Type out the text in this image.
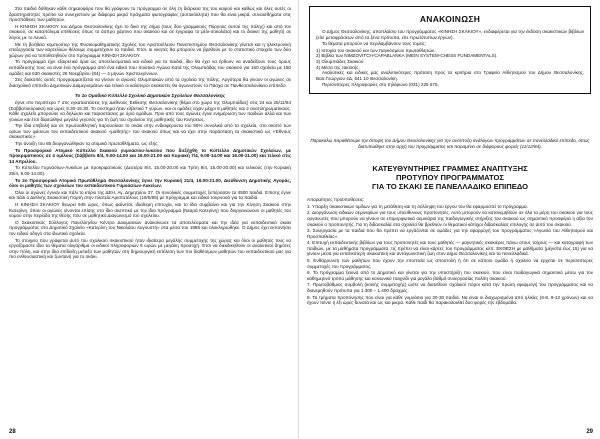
Στα παιδιά δόθηκαν κάθε σημαιοφόρο που θα γράφουν το πρόγραμμα σε όλη τη διάρκεια της του καιρού και καθώς και όλες αυτές οι δραστηριότητες πρέπει να συνεχιστούν με διάφορα μικρά πράγματα φωτογραφίες (αυτοκόλλητα) που θα είναι μικρά, συναισθήματα στις προσπάθειες των μαθητών.

Η ΚΙΝΗΣΗ ΣΚΑΚΙΟΥ του Δήμου Θεσσαλονίκης έχει το δικό της σήμα (τους δύο γραμμικούς Πύργους αυτού της πόλης) και από τον σκακιού, σε καταπόλεμα επιθέσεις όπως το άσπρο χάρτινο που σκακιού και σε έγγραφα το μέλι-σοκολάτα) και το διοικεί της μαθητή σε λόγος με το Λευκό.

Με τη βοήθεια κομπιούτερ της Φυσικομαθηματικής Σχολής του Αριστοτέλειου Πανεπιστημίου Θεσσαλονίκης γίνεται και η ηλεκτρονική επεξεργασία των καρτελλών θέλουμε συμμετέχουν τα παιδιά. Έτσι, οι νικητές θα μπορούν να βρεθούν με το στατιστικό στοιχείο των δύο χώρων για να τοποθετηθούν στο πρόγραμμα ΚΙΝΗΣΗ ΣΚΑΚΙΟΥ.

Το πρόγραμμα έχει εξαιρετικά όρια ως αποτελεσματικά και ειδικά για τα παιδιά, ίδιο θα έχει να έρθουν να αναδείξουν τους όρους εκπαίδευσης τους να είναι ένα πρόγραμμα από ένα ειδικό που ποιοτικό Αγώνα Κατά της Ολυμπιάδας του σκακιού για 150 σχολεία με 150 ομάδες και 630 σκακιστές 25 Νοεμβρίου (84) — 4 μηνών Χριστουγέννων.

Στις διακοπές αυτές προγραμματίζεται να γίνουν οι αγώνες Ολυμπιακών από τα σχολεία της πόλης. Αργότερα θα γίνουν οι αγώνες σε διασχολικό επίπεδο Δημοτικών Διαμερισμάτων και τελικό οι καλύτεροι σκακιστές θα αγωνιστούν το Πάσχα σε Πανθεσσαλονίκειο επίπεδο.

Το 1ο Ομαδικό Κύπελλο Σχολικό Δημοτικών Σχολείων Θεσσαλονίκης

έγινε στο περιπτερο 7 στις εγκαταστάσεις της Διεθνούς Έκθεσης Θεσσαλονίκης (θέμα στο χώρο της Ολυμπιάδας) στις 24 και 25/11/84 (Σαββατοκύριακο) και ώρες 9.30-15.30. Το σύστημα ήταν ελβετικό 7 γύρων, και οι ομάδες είχαν μέχρι 8 μαθητές και 2 αναπληρωματικούς. Κάθε σχολείο μπορούσε να δηλώσει και παραστάσεις με όριο ομάδων. Πριν από τους αγώνες έγινε ενημέρωση των παιδιών αλλά και των γονιών και έτσι διασώθηκε μεγάλο γεγονός για τη ζωή του σχολείου της μαθητικής του Κινήσεως.

Την ίδια επιβολή και σε πρωτοαθλητική παρουσίασε το σκάκι στην ενδιαφέροντα του 50% συνολικά από τα σχολεία, στο σκοπό των ορίων των φάσεων του εκπαιδευτικού σκακιού «μαθητής» του σκακιού όπως και να έχει στην παράσταση τα σκακιστικά ως «Έθνους σκακιστικός».

Την άνοιξη του 85 διοργανώθηκαν τα ατομικά πρωταθλήματα, ως εξής:

Το Προσφορικό Ατομικό Κύπελλο Σκακιού γυμνασίου-λυκείου που διεξήχθη το Κύπελλο Δημοτικών Σχολείων, με προκριματικούς σε 4 ομίλους (Σάββατο 8/4, 9.00-14.00 και 16.00-21.00 και Κυριακή 7/4, 9.00-14.00 και 16.00-21.00) και τελικό στις 14 Απριλίου.

Το Κύπελλο Γυμνασίων-Λυκείων με προκριματικούς (Δευτέρα 8/4, 15.00-20.00 και Τρίτη 9/4, 15.00-20.00) και τελικούς (την Κυριακή 28/4, 9.00-14.00).

Το 2ο Προσφορικό Ατομικό Πρωτάθλημα Θεσσαλονίκης έγινε την Κυριακή 21/4, 16.00-21.00, Διεύθυνση Δημοτικής Αγοράς, όλοι οι μαθητές των σχολείων του εκπαιδευτικού Γυμνασίων-Λυκείων.

Όλοι οι αγώνες έγιναν και πάλι το κτίριο της ΔΕΗ, Αγ. Δημητρίου 37. Οι συνολικές συμμετοχές ξεπέρασαν τα 4500 παιδιά. Επίσης έγινε και πάλι ο Διεθνής Σκακιστική Γιορτή στην πλατεία Αριστοτέλους (18/5/85) με πρόγραμμα και ειδικό τουρνουά για τα παιδιά.

Η ΚΙΝΗΣΗ ΣΚΑΚΙΟΥ θεωρεί 945 ώρες, όπως φαίνεται, ιδιαίτερη επιτυχία, και το ίδιο συμβαίνει και για την Κίνηση Σκακιού στην Κατερίνη, όπου οι αγώνες γίνονται επίσης στο ίδιο σκεπτικό με την ίδια πρόγραμμα (Νεαρά Κατερίνη) που διοργανώνουν οι μαθητές του νομού στην περίοδο της θέσης που σε μαθητικό Διαγωνισμό του σχολείου.

Ο Σκακιστικός Σύλλογος Πανελληνίου Κέντρο Δοκιμασιών ανακοίνωσε τα αποτελέσματα και την ιδέα για εκπαιδευτικό σκακι προγράμματος στο Δημοτικό Σχολείο «Κατερίνη του Νικολάου Αυγουστή» στα μέσα του 1985 και ολοκληρώθηκε. Ο Δήμος έχει εκπονήσει τον ειδικό οδηγό στα ιδιωτικά σχολεία.

Το στοιχείο που γράφεται αυτό του σχολικού σκακιστικού ήταν ιδιαίτερα μεγάλης συμμετοχής της χώρας και όλοι οι μαθητές τους να εργαζόμαστε ίδια τα θέματα ολιγάριθμα οι ειδικοί πληροφοριών 5 ωρών με μεγάλη προσοχή. Έτσι να διεκδικηθούν οι αναλυτικοί δημότες στην πόλη, και στην ίδια επίδειξη μεταξύ των μαθητών στη δημιουργική εκτέλεση των πιο διαθέσιμων μαθητών του εκπαιδευτικού μας για πιο ενθουσιαστική και ζωντανή για το σκάκι.

28
ΑΝΑΚΟΙΝΩΣΗ

Ο Δήμος Θεσσαλονίκης, αποπλαίσιο του προγράμματος «ΚΙΝΗΣΗ ΣΚΑΚΙΟΥ», ενδιαφέρεται για την έκδοση σκακιστικών βιβλίων (είτε μεταφράσεων από τα ξένα πρότυπα, είτε πρωτότυπων έργων).

Τα θέματα μπορούν να περιλαμβάνουν τους τομείς:

1) Ιστορία του σκακιού και των παγκόσμιων πρωταθλητών.

2) Βιβλία των NIMZOVITCH-CAPABLANKA (MEIN SYSTEM-CHESS FUNDAMENTALS).

3) Ολυμπιάδες Σκακιού.

4) Μέσα της τακτικής.

Αναλυτικές και ειδικές μας αναλυτικότερες πρόταση προς τα κριτήρια στο Γραφείο Αθλητισμού του Δήμου Θεσσαλονίκης, Βασ.Γεώργιου 4Δ, 541 10 Θεσσαλονίκη.

Περισσότερες πληροφορίες στο τηλέφωνο (031) 225 575.

Παρακαλώ παραθέτουμε την άποψη του Δήμου Θεσσαλονίκης για την ανάπτυξη ανάλογων προγραμμάτων σε πανελλαδικό επίπεδο, όπως διατυπώθηκε στην αρχή του προγράμματος και παραμένει σε διάφορους φορείς (11/12/84).

ΚΑΤΕΥΘΥΝΤΗΡΙΕΣ ΓΡΑΜΜΕΣ ΑΝΑΠΤΥΞΗΣ

ΠΡΟΤΥΠΟΥ ΠΡΟΓΡΑΜΜΑΤΟΣ

ΓΙΑ ΤΟ ΣΚΑΚΙ ΣΕ ΠΑΝΕΛΛΑΔΙΚΟ ΕΠΙΠΕΔΟ

Απαραίτητες προϋποθέσεις:

1. Υπαρξη σκακιστικών ομίλων για τη μετάθεση και τη σύλληψη του έργου του θα εφαρμοστεί το πρόγραμμα.

2. Διοργάνωση ειδικών σεμιναρίων για τους υπεύθυνους προπονητές. Αυτό μπορούν να κατανεμηθούν σε όλα τα μέρη του σκακιού για τους οργανωτές που μπορούν να γίνουν σε επιμορφωτικά σεμινάρια της παιδαγωγικής στήριξης του σκακιού ως σημαντικό προσφέρει η αξία του σκακιού ο προπονητής. Για τη διδασκαλία στα σχολεία θα βρεθούν οι θεματικοί κάτοχοι διδασκαλίας επιλογής σε αυτό του σκακιού.

3. Συνεργασία με τα παιδιά που θα πρέπει να εργάζονται σε ομάδες για την εφαρμογή του προγράμματος «Αγωνία του Αθλητισμού και Προσπαθείας».

4. Επιτυχή εκπαιδευτικής βιβλίων για τους προπονητές και τους μαθητές — μαγνητικές σκακιέρες πάνω στους τοίχους — και καταγραφή των παιδιών, με τα μαθήματα προγράμματα, τις πρέπει να είναι κάρτες του προγράμματος κλπ. ΕΚΘΕΣΗ με μαθήματα (μέγιστα έως 15) για να γίνουν μέσα για εντατικότερη σκακιστική και ανταγωνιστική ζωή στον Δήμο Θεσσαλονίκης και τα πανελλαδικά.

5. Ενθάρρυνση των μαθητών που έχουν την εποπτεία ως αποστολή ή ότι σε κάποιο ομάδα ή σχολείο να έρχεται σε περισσότερες συμμετοχές του προγράμματος.

6. Το πρόγραμμα ξεκινά από το Δημοτικό και γίνεται για την υποστήριξη του σκακιού, που είναι παιδαγωγικά σημαντικό μέσω για τον καθημερινό τρόπο μάθησης και κοινωνικό παιχνίδι για μεγάλο βαθμό συνεργασίας πολίτη σκακιού.

7. Πρωτοβάθμιος συμβολή (κοινής συμμετοχής) ώστε να διατεθούν σχολικοί πόροι κατά την πρώτη εφαρμογή του προγράμματος και να διανεμηθούν πρότυπα για 1.300 – 1.400 δραχμές.

8. Τα τμήματα προπόνησης που είναι για κάθε γυμνάσιο για 20-30 παιδιά. Να είναι οι διαχωρισμένα από ηλικίες (6-8, 9-12 χρόνων) και να έχουν πέντε ή έξι ώρες δυνατά και ως και μικρά. Κάθε παιδί θα παρακολουθεί δυο φορές την εβδομάδα.

29
